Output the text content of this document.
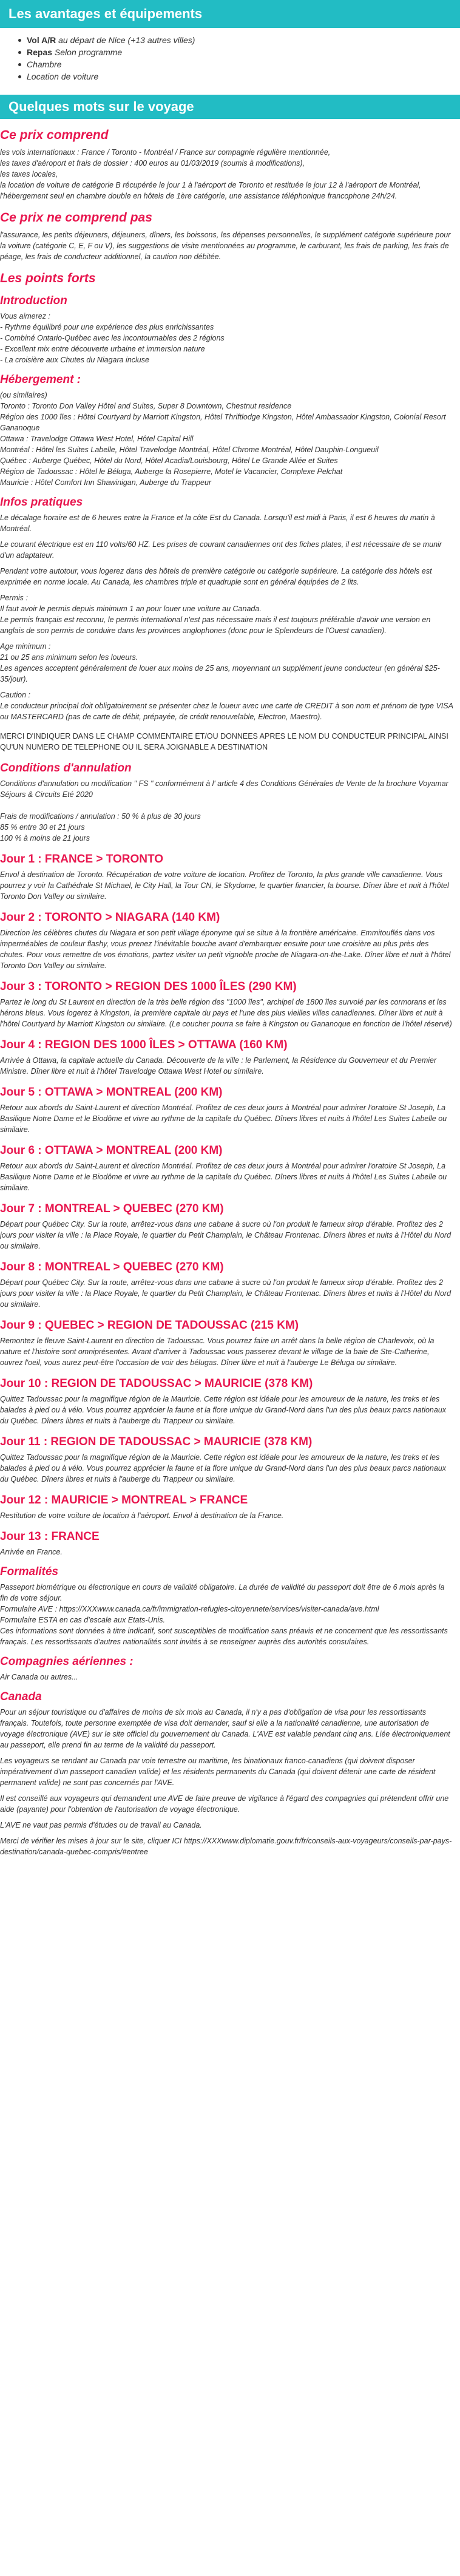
Les avantages et équipements
Vol A/R au départ de Nice (+13 autres villes)
Repas Selon programme
Chambre
Location de voiture
Quelques mots sur le voyage
Ce prix comprend

les vols internationaux : France / Toronto - Montréal / France sur compagnie régulière mentionnée,

les taxes d'aéroport et frais de dossier : 400 euros au 01/03/2019 (soumis à modifications),

les taxes locales,

la location de voiture de catégorie B récupérée le jour 1 à l'aéroport de Toronto et restituée le jour 12 à l'aéroport de Montréal,

l'hébergement seul en chambre double en hôtels de 1ère catégorie, une assistance téléphonique francophone 24h/24.

Ce prix ne comprend pas

l'assurance, les petits déjeuners, déjeuners, dîners, les boissons, les dépenses personnelles, le supplément catégorie supérieure pour la voiture (catégorie C, E, F ou V), les suggestions de visite mentionnées au programme, le carburant, les frais de parking, les frais de péage, les frais de conducteur additionnel, la caution non débitée.

Les points forts
Introduction

Vous aimerez :

- Rythme équilibré pour une expérience des plus enrichissantes

- Combiné Ontario-Québec avec les incontournables des 2 régions

- Excellent mix entre découverte urbaine et immersion nature

- La croisière aux Chutes du Niagara incluse

Hébergement :

(ou similaires)

Toronto : Toronto Don Valley Hôtel and Suites, Super 8 Downtown, Chestnut residence

Région des 1000 îles : Hôtel Courtyard by Marriott Kingston, Hôtel Thriftlodge Kingston, Hôtel Ambassador Kingston, Colonial Resort Gananoque

Ottawa : Travelodge Ottawa West Hotel, Hôtel Capital Hill

Montréal : Hôtel les Suites Labelle, Hôtel Travelodge Montréal, Hôtel Chrome Montréal, Hôtel Dauphin-Longueuil

Québec : Auberge Québec, Hôtel du Nord, Hôtel Acadia/Louisbourg, Hôtel Le Grande Allée et Suites

Région de Tadoussac : Hôtel le Béluga, Auberge la Rosepierre, Motel le Vacancier, Complexe Pelchat

Mauricie : Hôtel Comfort Inn Shawinigan, Auberge du Trappeur

Infos pratiques

Le décalage horaire est de 6 heures entre la France et la côte Est du Canada. Lorsqu'il est midi à Paris, il est 6 heures du matin à Montréal.

Le courant électrique est en 110 volts/60 HZ. Les prises de courant canadiennes ont des fiches plates, il est nécessaire de se munir d'un adaptateur.

Pendant votre autotour, vous logerez dans des hôtels de première catégorie ou catégorie supérieure. La catégorie des hôtels est exprimée en norme locale. Au Canada, les chambres triple et quadruple sont en général équipées de 2 lits.

Permis :
Il faut avoir le permis depuis minimum 1 an pour louer une voiture au Canada.
Le permis français est reconnu, le permis international n'est pas nécessaire mais il est toujours préférable d'avoir une version en anglais de son permis de conduire dans les provinces anglophones (donc pour le Splendeurs de l'Ouest canadien).

Age minimum :
21 ou 25 ans minimum selon les loueurs.
Les agences acceptent généralement de louer aux moins de 25 ans, moyennant un supplément jeune conducteur (en général $25-35/jour).

Caution :
Le conducteur principal doit obligatoirement se présenter chez le loueur avec une carte de CREDIT à son nom et prénom de type VISA ou MASTERCARD (pas de carte de débit, prépayée, de crédit renouvelable, Electron, Maestro).

MERCI D'INDIQUER DANS LE CHAMP COMMENTAIRE ET/OU DONNEES APRES LE NOM DU CONDUCTEUR PRINCIPAL AINSI QU'UN NUMERO DE TELEPHONE OU IL SERA JOIGNABLE A DESTINATION
Conditions d'annulation

Conditions d'annulation ou modification " FS " conformément à l' article 4 des Conditions Générales de Vente de la brochure Voyamar Séjours & Circuits Eté 2020

Frais de modifications / annulation : 50 % à plus de 30 jours

85 % entre 30 et 21 jours

100 % à moins de 21 jours

Jour 1 : FRANCE > TORONTO

Envol à destination de Toronto. Récupération de votre voiture de location. Profitez de Toronto, la plus grande ville canadienne. Vous pourrez y voir la Cathédrale St Michael, le City Hall, la Tour CN, le Skydome, le quartier financier, la bourse. Dîner libre et nuit à l'hôtel Toronto Don Valley ou similaire.

Jour 2 : TORONTO > NIAGARA (140 KM)

Direction les célèbres chutes du Niagara et son petit village éponyme qui se situe à la frontière américaine. Emmitouflés dans vos imperméables de couleur flashy, vous prenez l'inévitable bouche avant d'embarquer ensuite pour une croisière au plus près des chutes. Pour vous remettre de vos émotions, partez visiter un petit vignoble proche de Niagara-on-the-Lake. Dîner libre et nuit à l'hôtel Toronto Don Valley ou similaire.

Jour 3 : TORONTO > REGION DES 1000 ÎLES (290 KM)

Partez le long du St Laurent en direction de la très belle région des "1000 îles", archipel de 1800 îles survolé par les cormorans et les hérons bleus. Vous logerez à Kingston, la première capitale du pays et l'une des plus vieilles villes canadiennes. Dîner libre et nuit à l'hôtel Courtyard by Marriott Kingston ou similaire. (Le coucher pourra se faire à Kingston ou Gananoque en fonction de l'hôtel réservé)

Jour 4 : REGION DES 1000 ÎLES > OTTAWA (160 KM)

Arrivée à Ottawa, la capitale actuelle du Canada. Découverte de la ville : le Parlement, la Résidence du Gouverneur et du Premier Ministre. Dîner libre et nuit à l'hôtel Travelodge Ottawa West Hotel ou similaire.

Jour 5 : OTTAWA > MONTREAL (200 KM)

Retour aux abords du Saint-Laurent et direction Montréal. Profitez de ces deux jours à Montréal pour admirer l'oratoire St Joseph, La Basilique Notre Dame et le Biodôme et vivre au rythme de la capitale du Québec. Dîners libres et nuits à l'hôtel Les Suites Labelle ou similaire.

Jour 6 : OTTAWA > MONTREAL (200 KM)

Retour aux abords du Saint-Laurent et direction Montréal. Profitez de ces deux jours à Montréal pour admirer l'oratoire St Joseph, La Basilique Notre Dame et le Biodôme et vivre au rythme de la capitale du Québec. Dîners libres et nuits à l'hôtel Les Suites Labelle ou similaire.

Jour 7 : MONTREAL > QUEBEC (270 KM)

Départ pour Québec City. Sur la route, arrêtez-vous dans une cabane à sucre où l'on produit le fameux sirop d'érable. Profitez des 2 jours pour visiter la ville : la Place Royale, le quartier du Petit Champlain, le Château Frontenac. Dîners libres et nuits à l'Hôtel du Nord ou similaire.

Jour 8 : MONTREAL > QUEBEC (270 KM)

Départ pour Québec City. Sur la route, arrêtez-vous dans une cabane à sucre où l'on produit le fameux sirop d'érable. Profitez des 2 jours pour visiter la ville : la Place Royale, le quartier du Petit Champlain, le Château Frontenac. Dîners libres et nuits à l'Hôtel du Nord ou similaire.

Jour 9 : QUEBEC > REGION DE TADOUSSAC (215 KM)

Remontez le fleuve Saint-Laurent en direction de Tadoussac. Vous pourrez faire un arrêt dans la belle région de Charlevoix, où la nature et l'histoire sont omniprésentes. Avant d'arriver à Tadoussac vous passerez devant le village de la baie de Ste-Catherine, ouvrez l'oeil, vous aurez peut-être l'occasion de voir des bélugas. Dîner libre et nuit à l'auberge Le Béluga ou similaire.

Jour 10 : REGION DE TADOUSSAC > MAURICIE (378 KM)

Quittez Tadoussac pour la magnifique région de la Mauricie. Cette région est idéale pour les amoureux de la nature, les treks et les balades à pied ou à vélo. Vous pourrez apprécier la faune et la flore unique du Grand-Nord dans l'un des plus beaux parcs nationaux du Québec. Dîners libres et nuits à l'auberge du Trappeur ou similaire.

Jour 11 : REGION DE TADOUSSAC > MAURICIE (378 KM)

Quittez Tadoussac pour la magnifique région de la Mauricie. Cette région est idéale pour les amoureux de la nature, les treks et les balades à pied ou à vélo. Vous pourrez apprécier la faune et la flore unique du Grand-Nord dans l'un des plus beaux parcs nationaux du Québec. Dîners libres et nuits à l'auberge du Trappeur ou similaire.

Jour 12 : MAURICIE > MONTREAL > FRANCE

Restitution de votre voiture de location à l'aéroport. Envol à destination de la France.

Jour 13 : FRANCE

Arrivée en France.

Formalités

Passeport biométrique ou électronique en cours de validité obligatoire. La durée de validité du passeport doit être de 6 mois après la fin de votre séjour.

Formulaire AVE : https://XXXwww.canada.ca/fr/immigration-refugies-citoyennete/services/visiter-canada/ave.html

Formulaire ESTA en cas d'escale aux Etats-Unis.

Ces informations sont données à titre indicatif, sont susceptibles de modification sans préavis et ne concernent que les ressortissants français. Les ressortissants d'autres nationalités sont invités à se renseigner auprès des autorités consulaires.

Compagnies aériennes :

Air Canada ou autres...

Canada

Pour un séjour touristique ou d'affaires de moins de six mois au Canada, il n'y a pas d'obligation de visa pour les ressortissants français. Toutefois, toute personne exemptée de visa doit demander, sauf si elle a la nationalité canadienne, une autorisation de voyage électronique (AVE) sur le site officiel du gouvernement du Canada. L'AVE est valable pendant cinq ans. Liée électroniquement au passeport, elle prend fin au terme de la validité du passeport.

Les voyageurs se rendant au Canada par voie terrestre ou maritime, les binationaux franco-canadiens (qui doivent disposer impérativement d'un passeport canadien valide) et les résidents permanents du Canada (qui doivent détenir une carte de résident permanent valide) ne sont pas concernés par l'AVE.

Il est conseillé aux voyageurs qui demandent une AVE de faire preuve de vigilance à l'égard des compagnies qui prétendent offrir une aide (payante) pour l'obtention de l'autorisation de voyage électronique.

L'AVE ne vaut pas permis d'études ou de travail au Canada.

Merci de vérifier les mises à jour sur le site, cliquer ICI https://XXXwww.diplomatie.gouv.fr/fr/conseils-aux-voyageurs/conseils-par-pays-destination/canada-quebec-compris/#entree
